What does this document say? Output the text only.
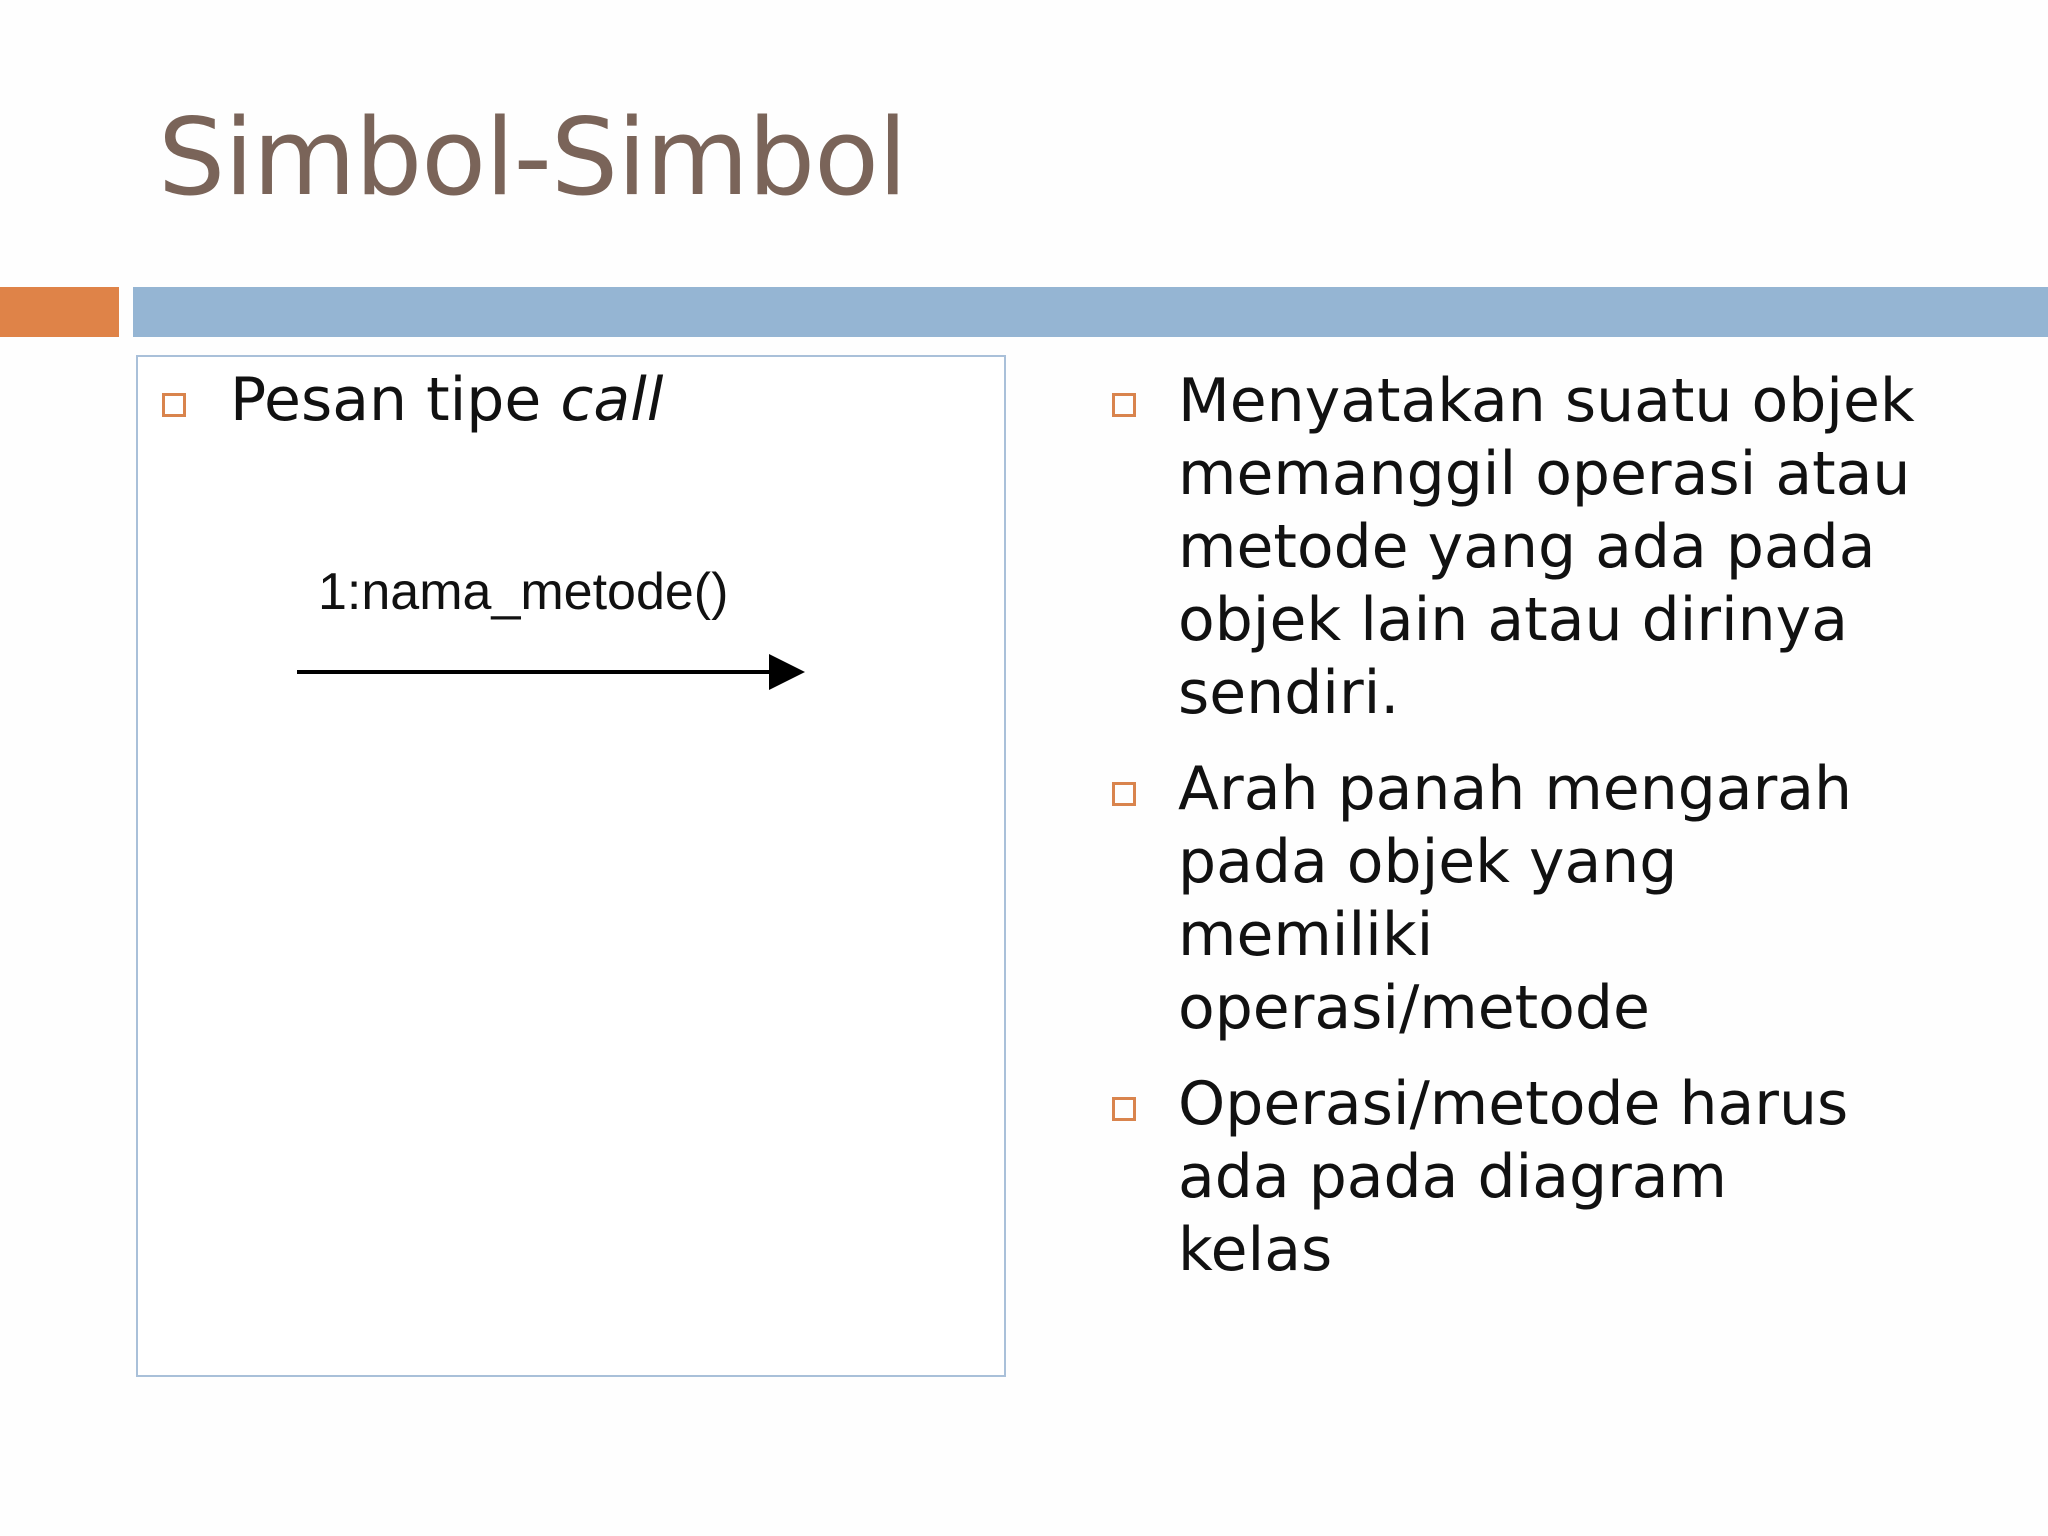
Simbol-Simbol
Pesan tipe call
1:nama_metode()
Menyatakan suatu objek
memanggil operasi atau
metode yang ada pada
objek lain atau dirinya
sendiri.
Arah panah mengarah
pada objek yang
memiliki
operasi/metode
Operasi/metode harus
ada pada diagram
kelas
